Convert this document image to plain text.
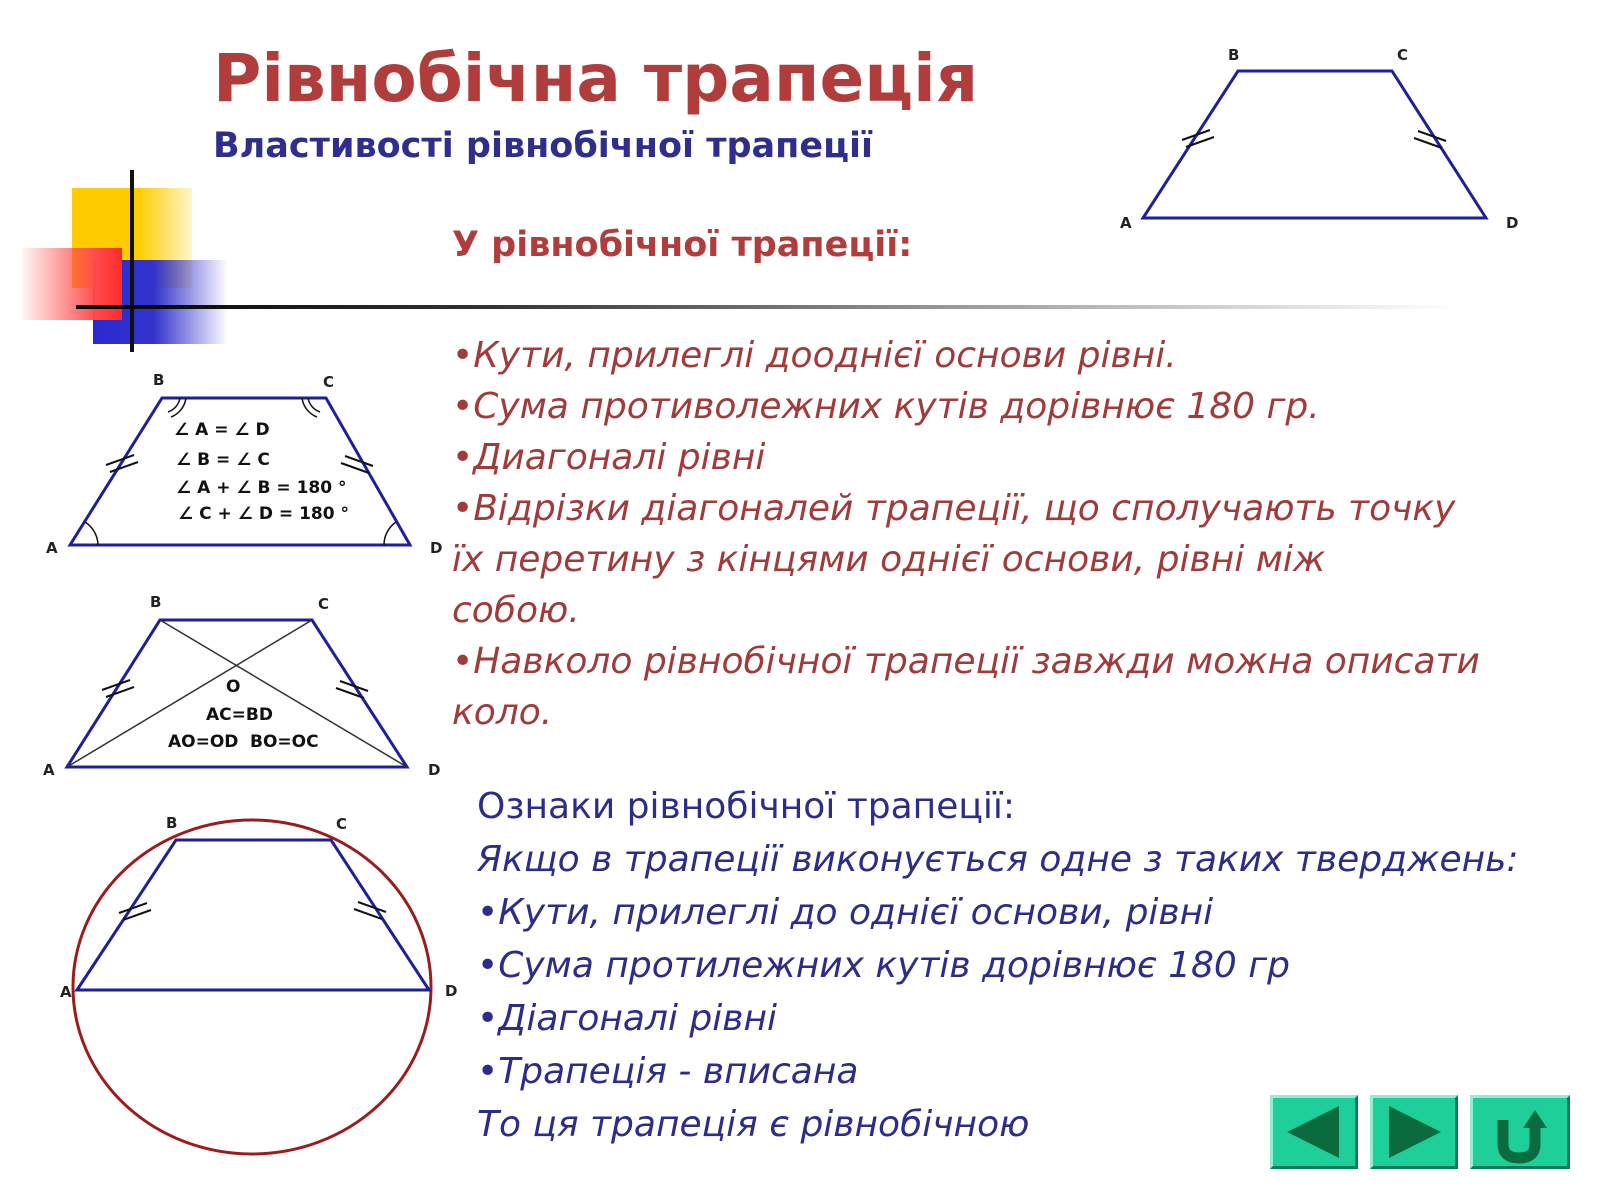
Рівнобічна трапеція
Властивості рівнобічної трапеції
У рівнобічної трапеції:
B	C
A	D
•Кути, прилеглі дооднієї основи рівні.
•Сума противолежних кутів дорівнює 180 гр.
•Диагоналі рівні
•Відрізки діагоналей трапеції, що сполучають точку
їх перетину з кінцями однієї основи, рівні між
собою.
•Навколо рівнобічної трапеції завжди можна описати
коло.
B	C
A	D
∠ A = ∠ D
∠ B = ∠ C
∠ A + ∠ B = 180 °
∠ C + ∠ D = 180 °
B	C
A	D
O
AC=BD
AO=OD BO=OC
B	C
A	D
Ознаки рівнобічної трапеції:
Якщо в трапеції виконується одне з таких тверджень:
•Кути, прилеглі до однієї основи, рівні
•Сума протилежних кутів дорівнює 180 гр
•Діагоналі рівні
•Трапеція - вписана
То ця трапеція є рівнобічною
